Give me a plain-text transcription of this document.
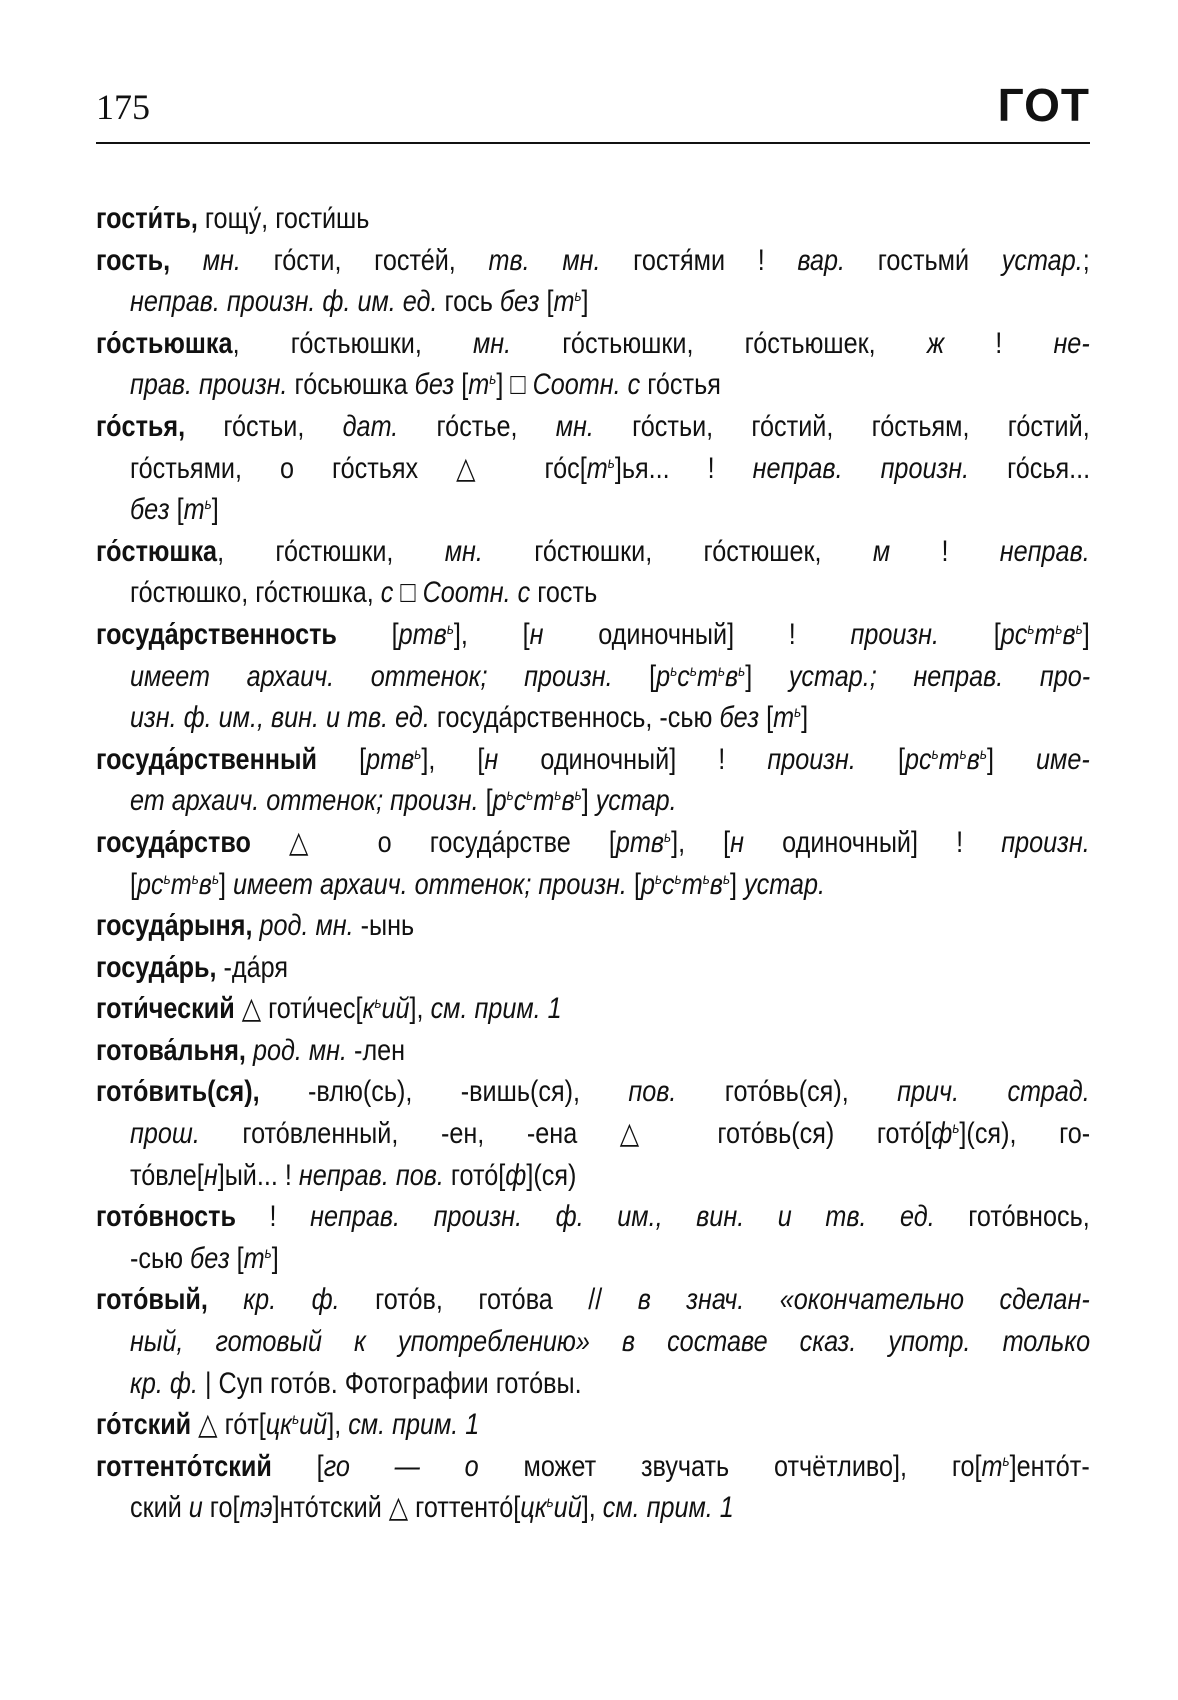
175	ГОТ
гости́ть, гощу́, гости́шь
гость, мн. го́сти, госте́й, тв. мн. гостя́ми ! вар. гостьми́ устар.;
неправ. произн. ф. им. ед. гось без $[т^ь]$
го́стьюшка, го́стьюшки, мн. го́стьюшки, го́стьюшек, ж ! не-
прав. произн. го́сьюшка без $[т^ь]$ □ Соотн. с го́стья
го́стья, го́стьи, дат. го́стье, мн. го́стьи, го́стий, го́стьям, го́стий,
го́стьями, о го́стьях △ $го́с[т^ь]ья$... ! неправ. произн. го́сья...
без $[т^ь]$
го́стюшка, го́стюшки, мн. го́стюшки, го́стюшек, м ! неправ.
го́стюшко, го́стюшка, с □ Соотн. с гость
госуда́рственность [ртв$^ь$], [н одиночный] ! произн. $[рс^ьт^ьв^ь]$
имеет архаич. оттенок; произн. $[р^ьс^ьт^ьв^ь]$ устар.; неправ. про-
изн. ф. им., вин. и тв. ед. госуда́рственнось, -сью без $[т^ь]$
госуда́рственный [ртв$^ь$], [н одиночный] ! произн. $[рс^ьт^ьв^ь]$ име-
ет архаич. оттенок; произн. $[р^ьс^ьт^ьв^ь]$ устар.
госуда́рство △ о госуда́рстве [ртв$^ь$], [н одиночный] ! произн.
$[рс^ьт^ьв^ь]$ имеет архаич. оттенок; произн. $[р^ьс^ьт^ьв^ь]$ устар.
госуда́рыня, род. мн. -ынь
госуда́рь, -да́ря
готи́ческий △ $готи́чес[к^ьий]$, см. прим. 1
готова́льня, род. мн. -лен
гото́вить(ся), -влю(сь), -вишь(ся), пов. гото́вь(ся), прич. страд.
прош. гото́вленный, -ен, -ена △ гото́вь(ся) $гото́[ф^ь](ся)$, го-
то́вле[н]ый... ! неправ. пов. гото́[ф](ся)
гото́вность ! неправ. произн. ф. им., вин. и тв. ед. гото́внось,
-сью без $[т^ь]$
гото́вый, кр. ф. гото́в, гото́ва // в знач. «окончательно сделан-
ный, готовый к употреблению» в составе сказ. употр. только
кр. ф. | Суп гото́в. Фотографии гото́вы.
го́тский △ $го́т[цк^ьий]$, см. прим. 1
готтенто́тский [го — о может звучать отчётливо], $го[т^ь]енто́т-$
ский и го[тэ]нто́тский △ $готтенто́[цк^ьий]$, см. прим. 1
